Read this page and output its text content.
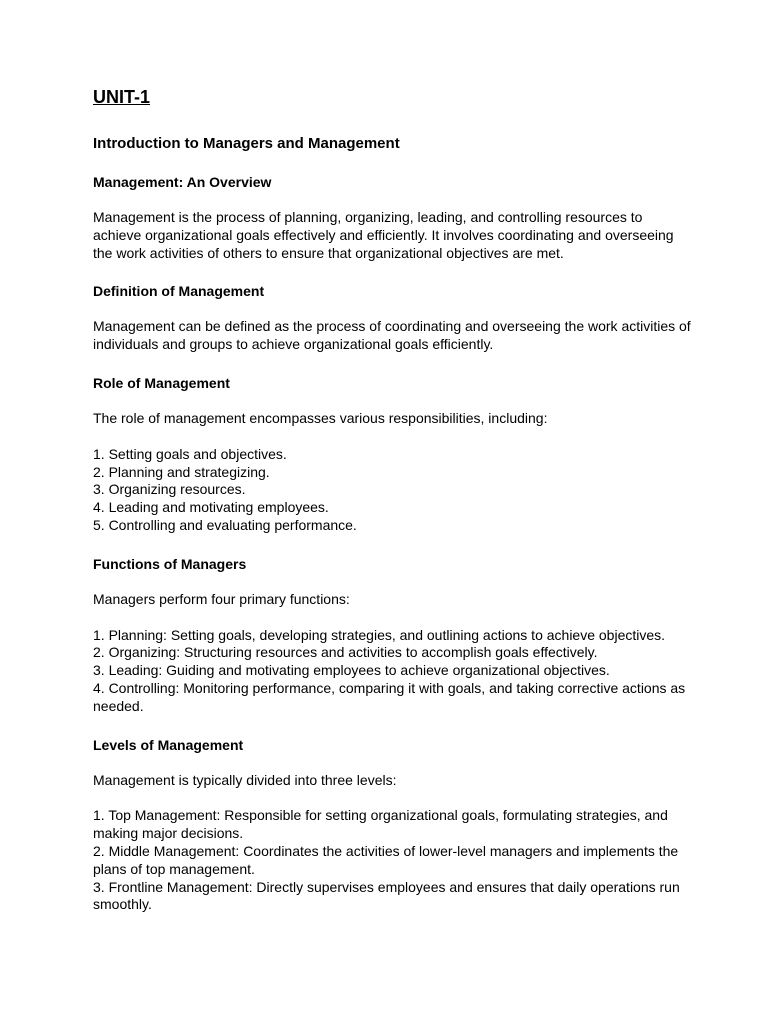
UNIT-1
Introduction to Managers and Management
Management: An Overview

Management is the process of planning, organizing, leading, and controlling resources to achieve organizational goals effectively and efficiently. It involves coordinating and overseeing the work activities of others to ensure that organizational objectives are met.

Definition of Management

Management can be defined as the process of coordinating and overseeing the work activities of individuals and groups to achieve organizational goals efficiently.

Role of Management

The role of management encompasses various responsibilities, including:

1. Setting goals and objectives.
2. Planning and strategizing.
3. Organizing resources.
4. Leading and motivating employees.
5. Controlling and evaluating performance.
Functions of Managers

Managers perform four primary functions:

1. Planning: Setting goals, developing strategies, and outlining actions to achieve objectives.
2. Organizing: Structuring resources and activities to accomplish goals effectively.
3. Leading: Guiding and motivating employees to achieve organizational objectives.
4. Controlling: Monitoring performance, comparing it with goals, and taking corrective actions as needed.
Levels of Management

Management is typically divided into three levels:

1. Top Management: Responsible for setting organizational goals, formulating strategies, and making major decisions.
2. Middle Management: Coordinates the activities of lower-level managers and implements the plans of top management.
3. Frontline Management: Directly supervises employees and ensures that daily operations run smoothly.
